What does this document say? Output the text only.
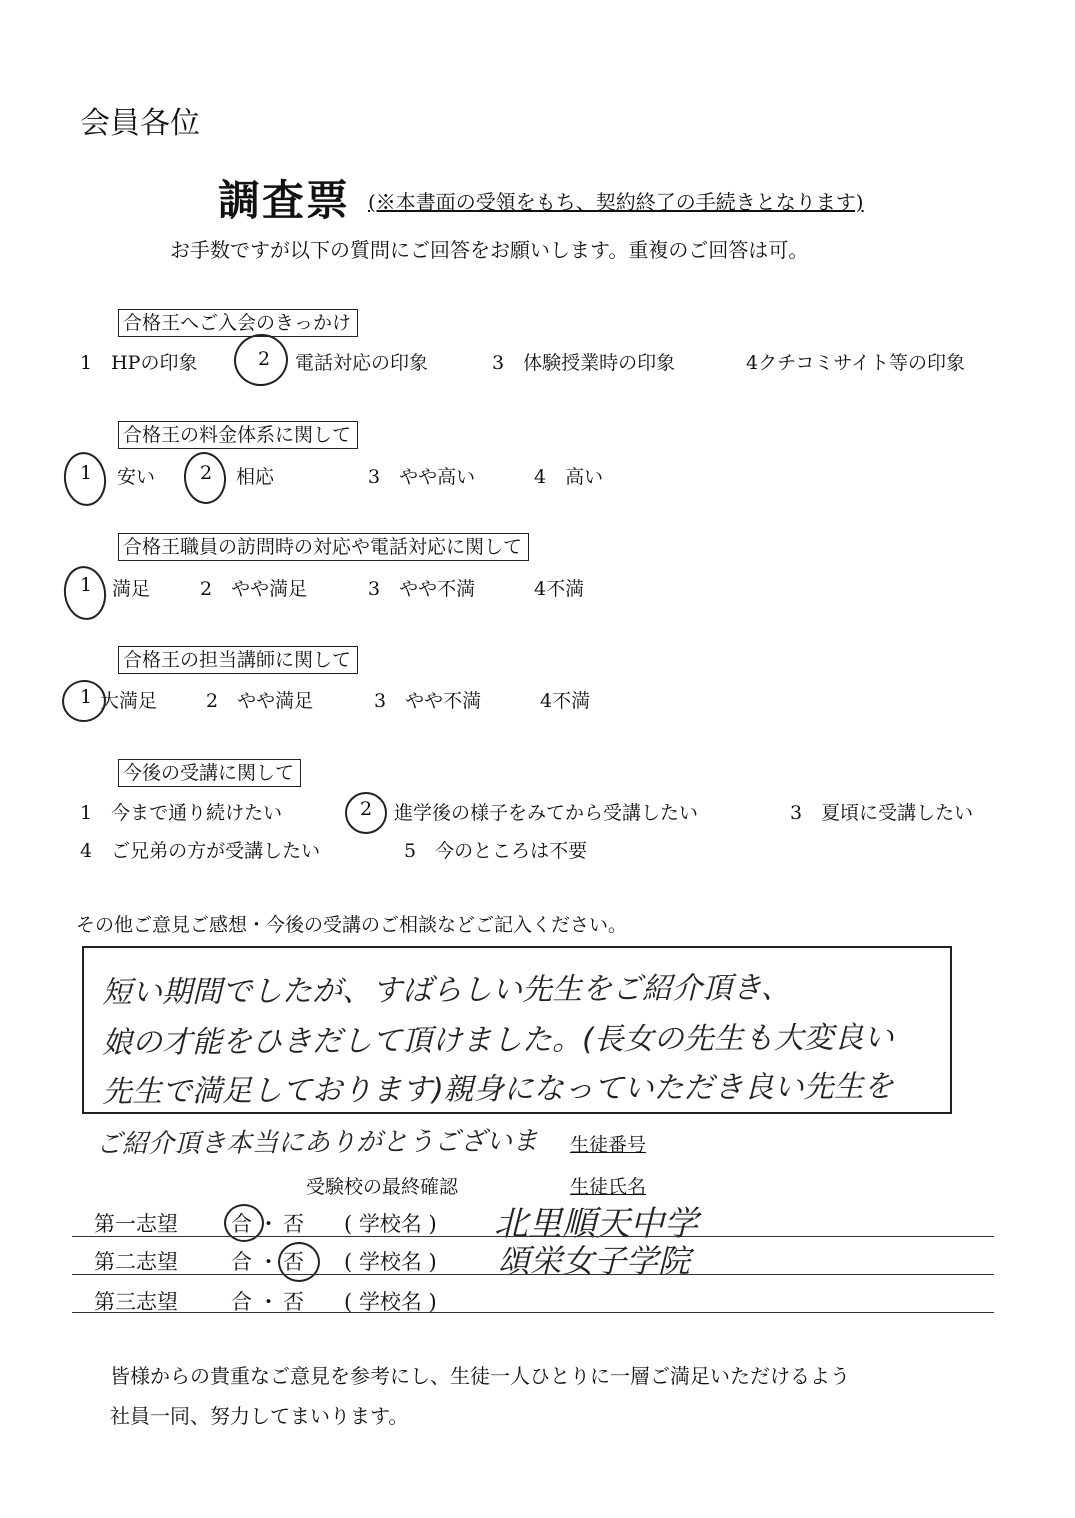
会員各位
調査票 (※本書面の受領をもち、契約終了の手続きとなります)
お手数ですが以下の質問にご回答をお願いします。重複のご回答は可。
合格王へご入会のきっかけ
1　HPの印象	2 電話対応の印象	3　体験授業時の印象	4クチコミサイト等の印象
合格王の料金体系に関して
1 安い 2 相応	3　やや高い	4　高い
合格王職員の訪問時の対応や電話対応に関して
1 満足	2　やや満足	3　やや不満	4不満
合格王の担当講師に関して
1 大満足	2　やや満足	3　やや不満	4不満
今後の受講に関して
1　今まで通り続けたい	2 進学後の様子をみてから受講したい	3　夏頃に受講したい
4　ご兄弟の方が受講したい	5　今のところは不要
その他ご意見ご感想・今後の受講のご相談などご記入ください。
短い期間でしたが、すばらしい先生をご紹介頂き、
娘の才能をひきだして頂けました。(長女の先生も大変良い
先生で満足しております)親身になっていただき良い先生を
ご紹介頂き本当にありがとうございま 生徒番号
受験校の最終確認	生徒氏名
第一志望	合 ・ 否 ( 学校名 ) 北里順天中学
第二志望	合 ・ 否 ( 学校名 ) 頌栄女子学院
第三志望	合 ・ 否 ( 学校名 )
皆様からの貴重なご意見を参考にし、生徒一人ひとりに一層ご満足いただけるよう
社員一同、努力してまいります。
